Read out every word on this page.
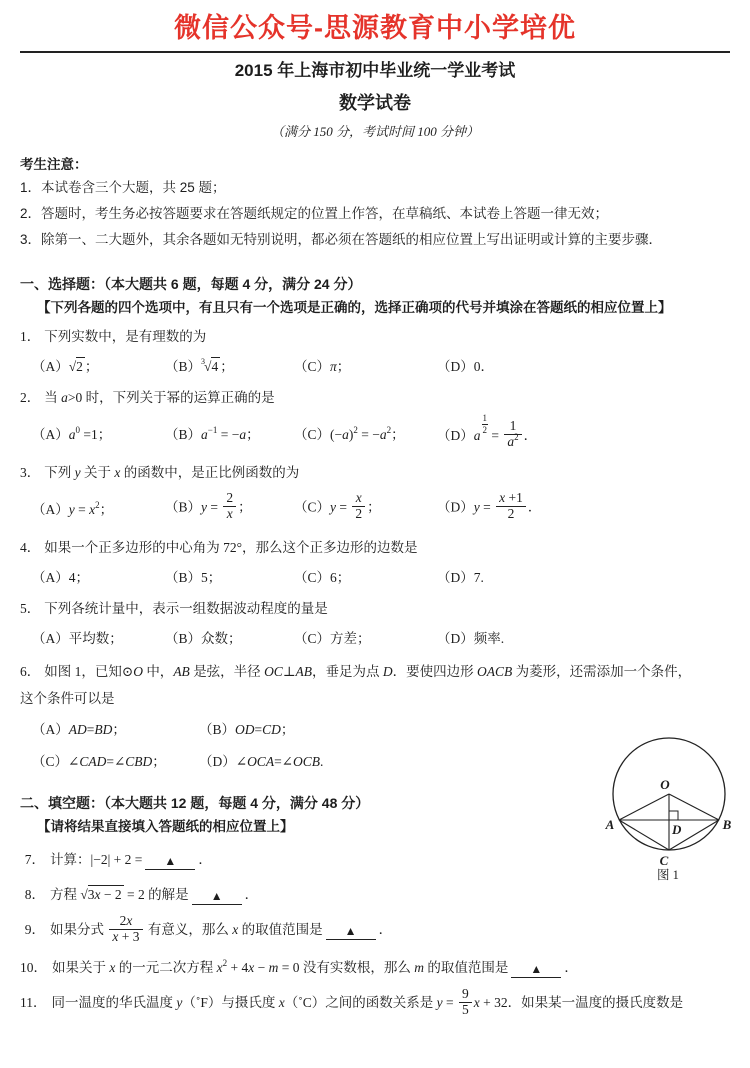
微信公众号-思源教育中小学培优
2015 年上海市初中毕业统一学业考试
数学试卷
（满分 150 分，考试时间 100 分钟）
考生注意：
1．本试卷含三个大题，共 25 题；
2．答题时，考生务必按答题要求在答题纸规定的位置上作答，在草稿纸、本试卷上答题一律无效；
3．除第一、二大题外，其余各题如无特别说明，都必须在答题纸的相应位置上写出证明或计算的主要步骤．
一、选择题：（本大题共 6 题，每题 4 分，满分 24 分）
【下列各题的四个选项中，有且只有一个选项是正确的，选择正确项的代号并填涂在答题纸的相应位置上】
1． 下列实数中，是有理数的为
（A）√2 ；	$(B)^3√4$ ；	（C）π；	（D）0．
2． 当 a>0 时，下列关于幂的运算正确的是
$(A)a^0 =1$；	$(B)a^{-1} = -a$；	$(C)(-a)^2 = -a^2$；	（D）a
$\frac{1}{2}$
= $\frac{1}{a^2}$ ．
3． 下列 y 关于 x 的函数中，是正比例函数的为
$(A)y = x^2$；	$(B)y = \frac{2}{x}$ ；	$(C)y = \frac{x}{2}$ ；	$(D)y = \frac{x +1}{2}$ ．
4． 如果一个正多边形的中心角为 72°，那么这个正多边形的边数是
（A）4；	（B）5；	（C）6；	（D）7.
5． 下列各统计量中，表示一组数据波动程度的量是
（A）平均数；	（B）众数；	（C）方差；	（D）频率.
6． 如图 1，已知⊙O 中，AB 是弦，半径 OC⊥AB，垂足为点 D．要使四边形 OACB 为菱形，还需添加一个条件，
这个条件可以是
（A）AD=BD；	（B）OD=CD；
（C）∠CAD=∠CBD；	（D）∠OCA=∠OCB.
二、填空题：（本大题共 12 题，每题 4 分，满分 48 分）
【请将结果直接填入答题纸的相应位置上】
7． 计算：|−2| + 2 = ▲ ．
8． 方程 √3x − 2 = 2 的解是 ▲ ．
9． 如果分式 $\frac{2x}{x + 3}$ 有意义，那么 x 的取值范围是 ▲ ．
10． 如果关于 x 的一元二次方程 $x^2 + 4x - m = 0$ 没有实数根，那么 m 的取值范围是 ▲ ．
11． 同一温度的华氏温度 y（˚F）与摄氏度 x（˚C）之间的函数关系是 $y = \frac{9}{5}$ x + 32．如果某一温度的摄氏度数是
O
A	B
D
C
图 1
